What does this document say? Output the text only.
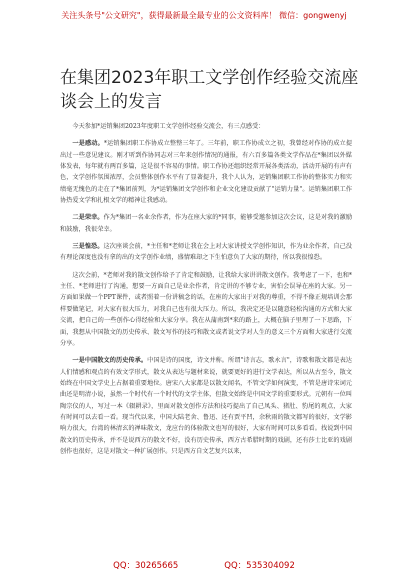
关注头条号"公文研究"，获得最新最全最专业的公文资料库！ 微信：gongwenyj
在集团2023年职工文学创作经验交流座谈会上的发言

今天参加*运销集团2023年度职工文学创作经验交流会，有三点感受：

一是感动。*运销集团职工作协成立整整三年了。三年前，职工作协成立之初，我曾经对作协的成立提出过一些意见建议。刚才听到作协同志对三年来创作情况的通报，有六百多篇各类文学作品在*集团以外媒体发表，每年就有两百多篇，这是很不容易的事情。职工作协还组织经常开展各类活动，活动开展的有声有色，文学创作氛围浓厚，会员整体创作水平有了显著提升，我个人认为，运销集团职工作协的整体实力和实绩毫无愧色的走在了*集团前列，为*运销集团文学创作和企业文化建设贡献了"运销力量"。运销集团职工作协热爱文学和扎根文学的精神让我感动。

二是荣幸。作为*集团一名业余作者，作为在座大家的*同事，能够受邀参加这次会议，这是对我的激励和鼓励，我很荣幸。

三是惶恐。这次座谈会前，*主任和*老师让我在会上对大家讲授文学创作知识，作为业余作者，自己没有理论深度也没有拿的出的文学创作业绩，盛情难却之下生怕意负了大家的期待，所以我很惶恐。

这次会前，*老师对我的散文创作给予了肯定和鼓励，让我给大家讲讲散文创作。我考虑了一下，也和*主任、*老师进行了沟通，想要一方面自己是业余作者，肯定讲的不够专业，害怕会误导在座的大家。另一方面如果做一个PPT课件，或者照着一份讲稿念的话，在座的大家出于对我的尊重，不得不像正规培训会那样要做笔记，对大家有很大压力，对我自己也有很大压力。所以，我决定还是以随意轻松沟通的方式和大家交流，把自己的一些创作心得经验和大家分享。我在从蒲南到*来的路上，大概在脑子里理了一下思路，下面，我想从中国散文的历史传承、散文写作的技巧和散文或者说文学对人生的意义三个方面和大家进行交流分享。

一是中国散文的历史传承。中国是诗的国度，诗文并称。所谓"诗言志，歌永言"，诗歌和散文都是表达人们情感和观点的有效文学形式，散文从表达与题材来说，就要更好的进行文学表达，所以从古至今，散文始终在中国文学史上占据着重要地位。唐宋八大家都是以散文闻名，不管文学如何演变，不管是唐诗宋词元曲还是明清小说，虽然一个时代有一个时代的文学主体，但散文始终是中国文学的重要形式。元朝有一位叫陶宗仪的人，写过一本《辍耕录》，里面对散文创作方法和技巧提出了自己凤头、猪肚、豹尾的观点，大家有时间可以去看一看。现当代以来，中国大陆老舍、鲁迅、还有贾平凹，余秋雨的散文都写的很好，文学影响力很大，台湾的林清玄的禅味散文，龙应台的体验散文也写的很好，大家有时间可以多看看。找说到中国散文的历史传承，并不是说西方的散文不好，没有历史传承，西方古希腊时期的戏剧，还有莎士比亚的戏剧创作也很好，这是对散文一种扩展创作。只是西方自文艺复兴以来，

QQ：30265665	QQ：535304092
